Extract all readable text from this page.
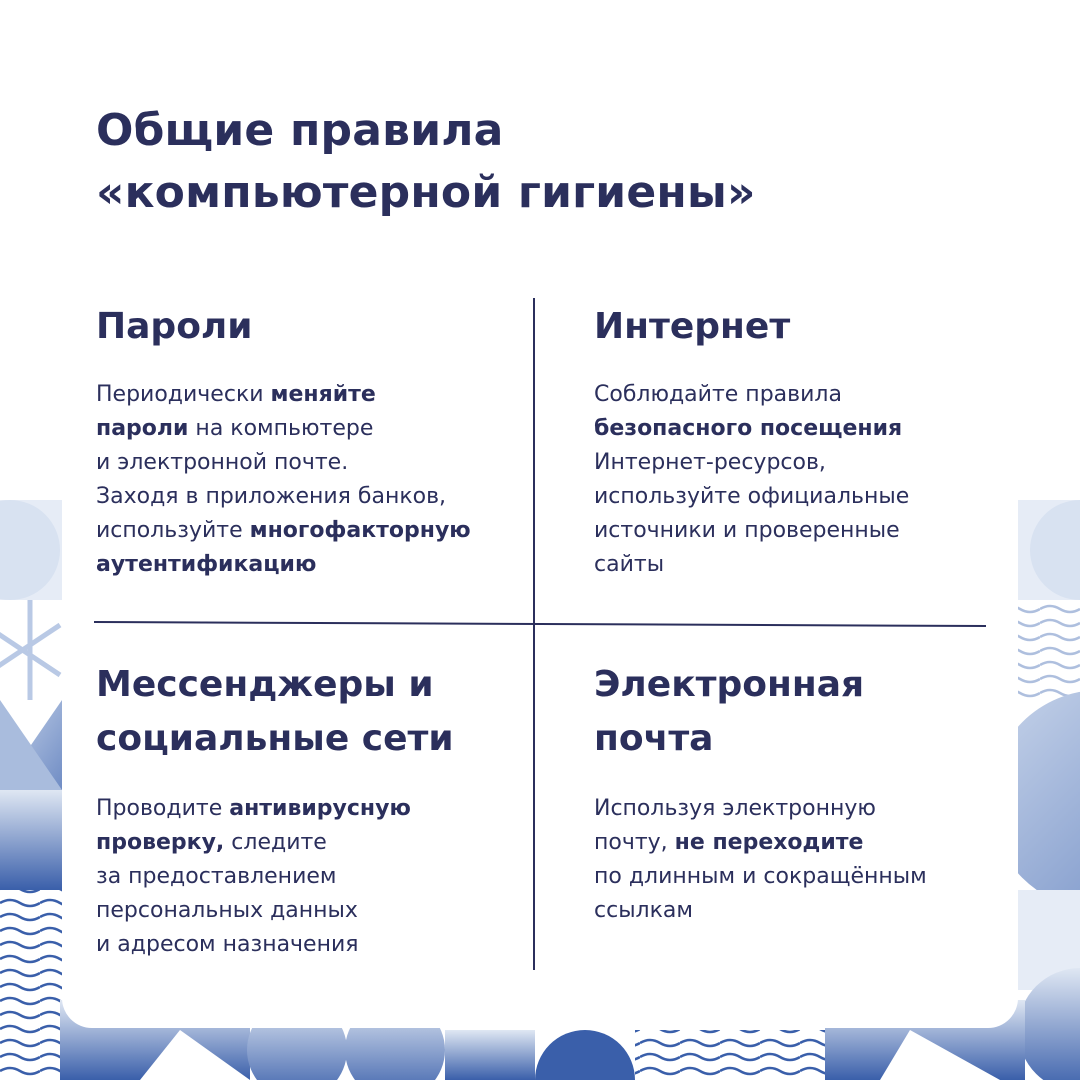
Общие правила
«компьютерной гигиены»
Пароли

Периодически меняйте
пароли на компьютере
и электронной почте.
Заходя в приложения банков,
используйте многофакторную
аутентификацию

Интернет

Соблюдайте правила
безопасного посещения
Интернет-ресурсов,
используйте официальные
источники и проверенные
сайты

Мессенджеры и
социальные сети

Проводите антивирусную
проверку, следите
за предоставлением
персональных данных
и адресом назначения

Электронная
почта

Используя электронную
почту, не переходите
по длинным и сокращённым
ссылкам
